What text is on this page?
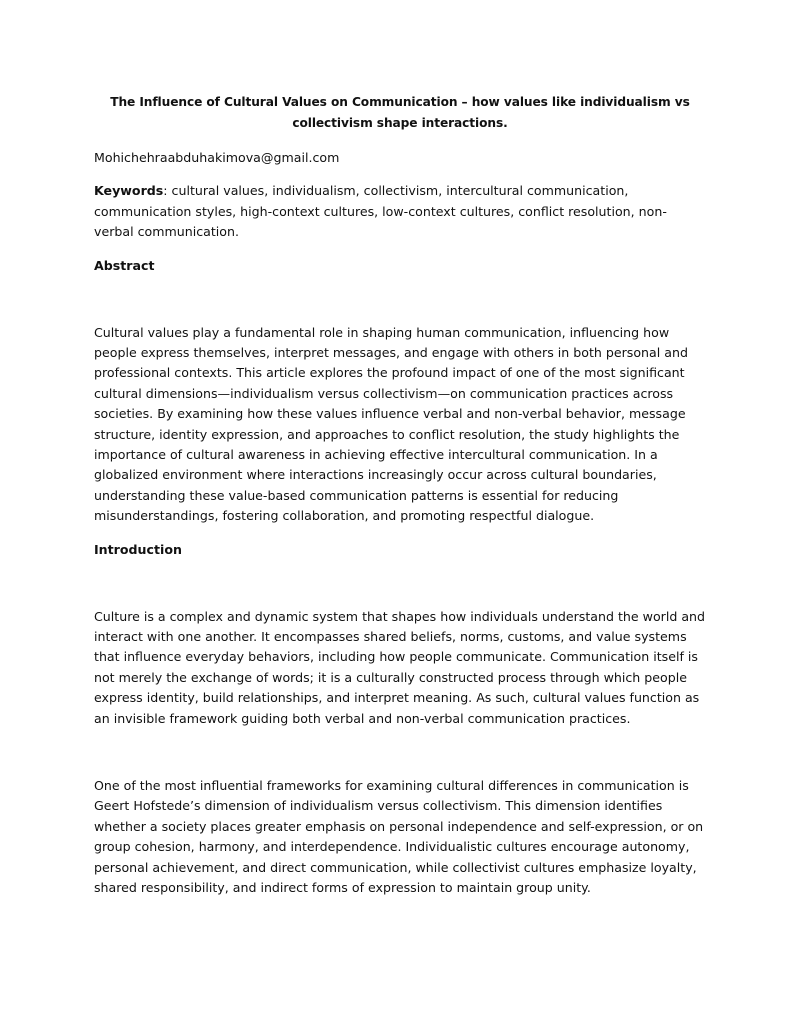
The Influence of Cultural Values on Communication – how values like individualism vs collectivism shape interactions.

Mohichehraabduhakimova@gmail.com

Keywords: cultural values, individualism, collectivism, intercultural communication, communication styles, high-context cultures, low-context cultures, conflict resolution, non-verbal communication.

Abstract

Cultural values play a fundamental role in shaping human communication, influencing how people express themselves, interpret messages, and engage with others in both personal and professional contexts. This article explores the profound impact of one of the most significant cultural dimensions—individualism versus collectivism—on communication practices across societies. By examining how these values influence verbal and non-verbal behavior, message structure, identity expression, and approaches to conflict resolution, the study highlights the importance of cultural awareness in achieving effective intercultural communication. In a globalized environment where interactions increasingly occur across cultural boundaries, understanding these value-based communication patterns is essential for reducing misunderstandings, fostering collaboration, and promoting respectful dialogue.

Introduction

Culture is a complex and dynamic system that shapes how individuals understand the world and interact with one another. It encompasses shared beliefs, norms, customs, and value systems that influence everyday behaviors, including how people communicate. Communication itself is not merely the exchange of words; it is a culturally constructed process through which people express identity, build relationships, and interpret meaning. As such, cultural values function as an invisible framework guiding both verbal and non-verbal communication practices.

One of the most influential frameworks for examining cultural differences in communication is Geert Hofstede’s dimension of individualism versus collectivism. This dimension identifies whether a society places greater emphasis on personal independence and self-expression, or on group cohesion, harmony, and interdependence. Individualistic cultures encourage autonomy, personal achievement, and direct communication, while collectivist cultures emphasize loyalty, shared responsibility, and indirect forms of expression to maintain group unity.
